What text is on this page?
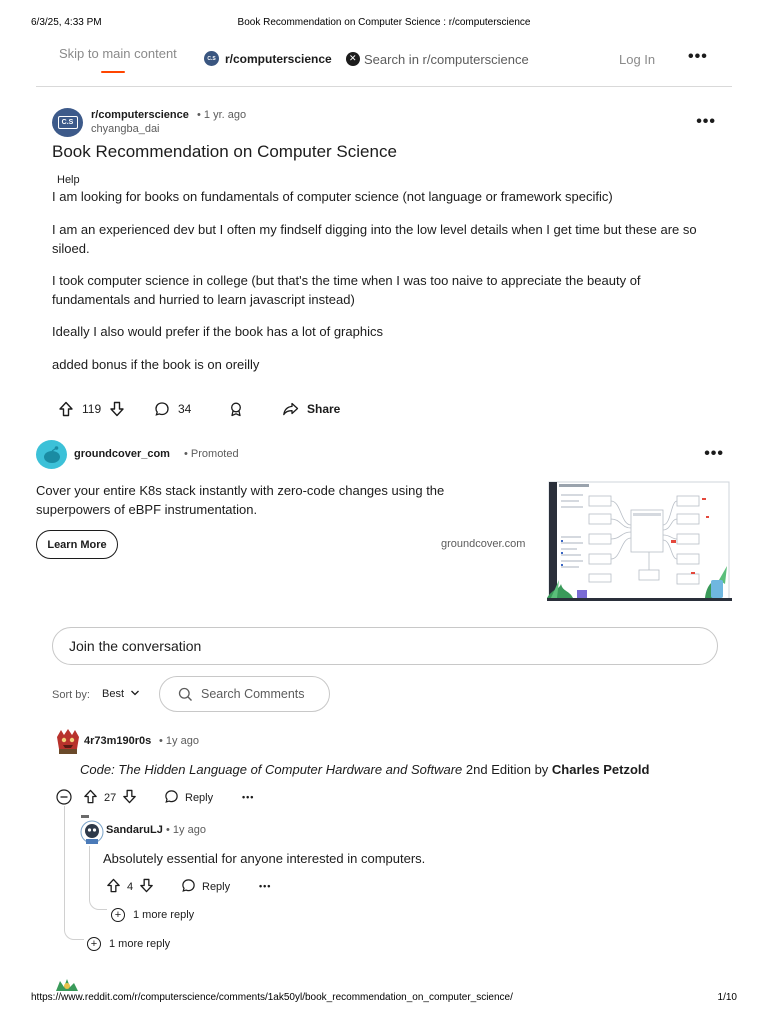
6/3/25, 4:33 PM	Book Recommendation on Computer Science : r/computerscience
Skip to main content	C.S r/computerscience	✕ Search in r/computerscience	Log In •••
C.S
r/computerscience • 1 yr. ago
chyangba_dai	•••
Book Recommendation on Computer Science
Help
I am looking for books on fundamentals of computer science (not language or framework specific)
I am an experienced dev but I often my findself digging into the low level details when I get time but these are so siloed.
I took computer science in college (but that's the time when I was too naive to appreciate the beauty of fundamentals and hurried to learn javascript instead)
Ideally I also would prefer if the book has a lot of graphics
added bonus if the book is on oreilly
119	34	Share
groundcover_com • Promoted	•••
Cover your entire K8s stack instantly with zero-code changes using the superpowers of eBPF instrumentation.
Learn More	groundcover.com
Join the conversation
Sort by: Best	Search Comments
4r73m190r0s • 1y ago
Code: The Hidden Language of Computer Hardware and Software 2nd Edition by Charles Petzold
27	Reply	•••
SandaruLJ • 1y ago
Absolutely essential for anyone interested in computers.
4	Reply	•••
+	1 more reply
+	1 more reply
https://www.reddit.com/r/computerscience/comments/1ak50yl/book_recommendation_on_computer_science/	1/10
